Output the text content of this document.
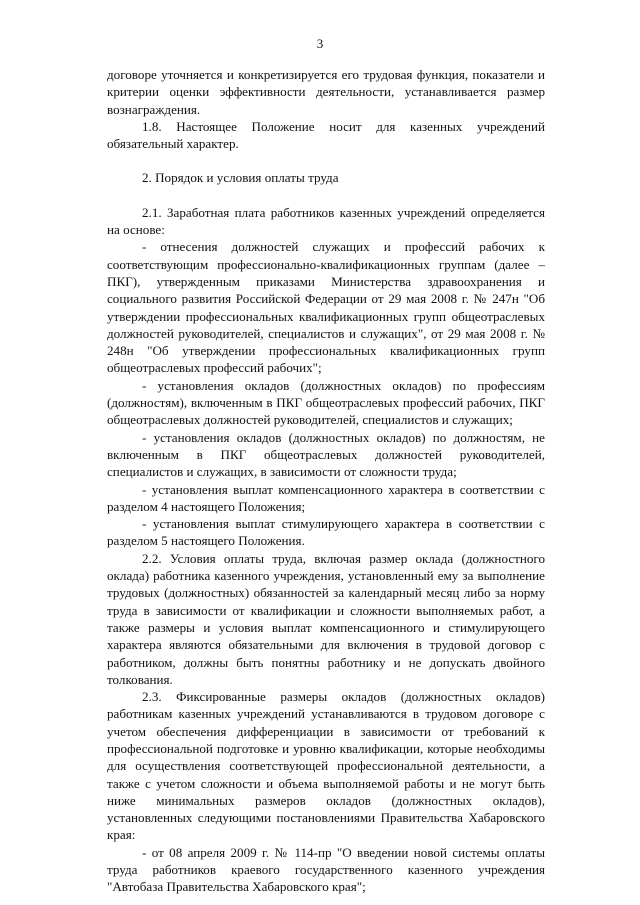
3

договоре уточняется и конкретизируется его трудовая функция, показатели и критерии оценки эффективности деятельности, устанавливается размер вознаграждения.

1.8. Настоящее Положение носит для казенных учреждений обязательный характер.

2. Порядок и условия оплаты труда

2.1. Заработная плата работников казенных учреждений определяется на основе:

- отнесения должностей служащих и профессий рабочих к соответствующим профессионально-квалификационных группам (далее – ПКГ), утвержденным приказами Министерства здравоохранения и социального развития Российской Федерации от 29 мая 2008 г. № 247н "Об утверждении профессиональных квалификационных групп общеотраслевых должностей руководителей, специалистов и служащих", от 29 мая 2008 г. № 248н "Об утверждении профессиональных квалификационных групп общеотраслевых профессий рабочих";

- установления окладов (должностных окладов) по профессиям (должностям), включенным в ПКГ общеотраслевых профессий рабочих, ПКГ общеотраслевых должностей руководителей, специалистов и служащих;

- установления окладов (должностных окладов) по должностям, не включенным в ПКГ общеотраслевых должностей руководителей, специалистов и служащих, в зависимости от сложности труда;

- установления выплат компенсационного характера в соответствии с разделом 4 настоящего Положения;

- установления выплат стимулирующего характера в соответствии с разделом 5 настоящего Положения.

2.2. Условия оплаты труда, включая размер оклада (должностного оклада) работника казенного учреждения, установленный ему за выполнение трудовых (должностных) обязанностей за календарный месяц либо за норму труда в зависимости от квалификации и сложности выполняемых работ, а также размеры и условия выплат компенсационного и стимулирующего характера являются обязательными для включения в трудовой договор с работником, должны быть понятны работнику и не допускать двойного толкования.

2.3. Фиксированные размеры окладов (должностных окладов) работникам казенных учреждений устанавливаются в трудовом договоре с учетом обеспечения дифференциации в зависимости от требований к профессиональной подготовке и уровню квалификации, которые необходимы для осуществления соответствующей профессиональной деятельности, а также с учетом сложности и объема выполняемой работы и не могут быть ниже минимальных размеров окладов (должностных окладов), установленных следующими постановлениями Правительства Хабаровского края:

- от 08 апреля 2009 г. № 114-пр "О введении новой системы оплаты труда работников краевого государственного казенного учреждения "Автобаза Правительства Хабаровского края";
